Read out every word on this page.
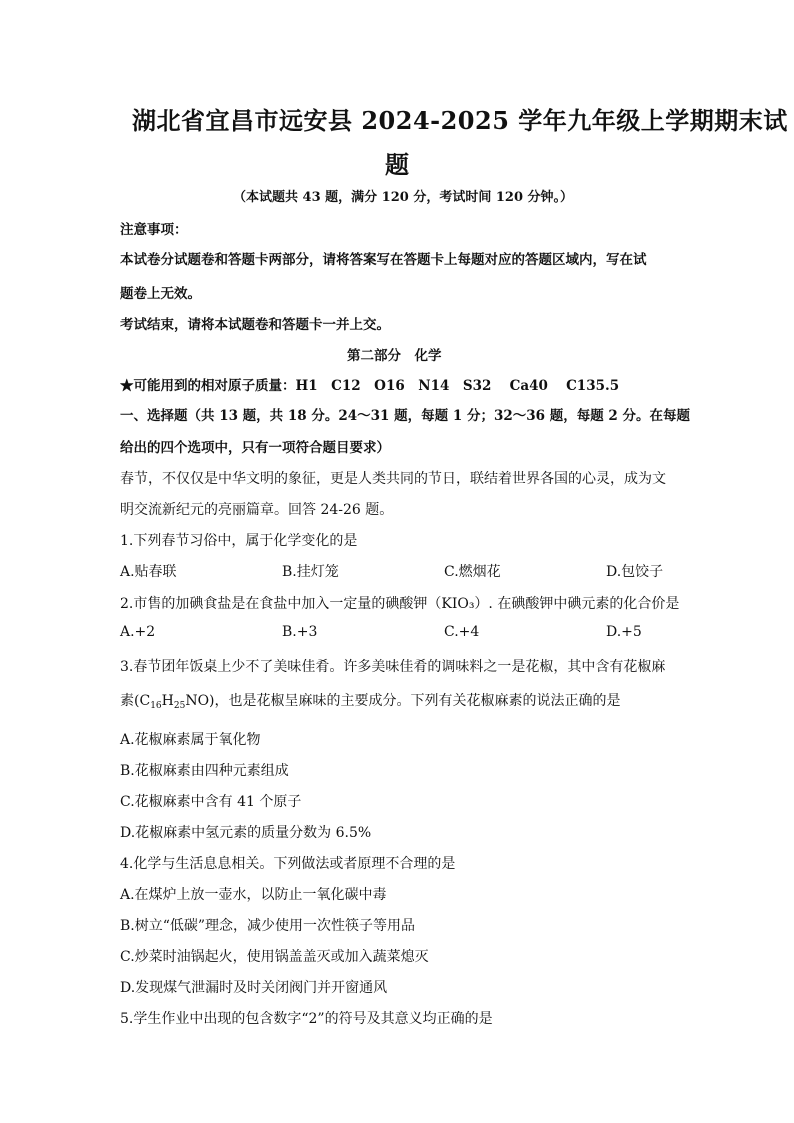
湖北省宜昌市远安县 2024-2025 学年九年级上学期期末试
题
（本试题共 43 题，满分 120 分，考试时间 120 分钟。）
注意事项：
本试卷分试题卷和答题卡两部分，请将答案写在答题卡上每题对应的答题区域内，写在试
题卷上无效。
考试结束，请将本试题卷和答题卡一并上交。
第二部分　化学
★可能用到的相对原子质量：H1　C12　O16　N14　S32　 Ca40　 C135.5
一、选择题（共 13 题，共 18 分。24～31 题，每题 1 分；32～36 题，每题 2 分。在每题
给出的四个选项中，只有一项符合题目要求）
春节，不仅仅是中华文明的象征，更是人类共同的节日，联结着世界各国的心灵，成为文
明交流新纪元的亮丽篇章。回答 24-26 题。
1.下列春节习俗中，属于化学变化的是
A.贴春联	B.挂灯笼	C.燃烟花	D.包饺子
2.市售的加碘食盐是在食盐中加入一定量的碘酸钾（KIO₃）. 在碘酸钾中碘元素的化合价是
A.+2	B.+3	C.+4	D.+5
3.春节团年饭桌上少不了美味佳肴。许多美味佳肴的调味料之一是花椒，其中含有花椒麻
素$(C_{16}H_{25}NO)$，也是花椒呈麻味的主要成分。下列有关花椒麻素的说法正确的是
A.花椒麻素属于氧化物
B.花椒麻素由四种元素组成
C.花椒麻素中含有 41 个原子
D.花椒麻素中氢元素的质量分数为 6.5%
4.化学与生活息息相关。下列做法或者原理不合理的是
A.在煤炉上放一壶水，以防止一氧化碳中毒
B.树立“低碳”理念，减少使用一次性筷子等用品
C.炒菜时油锅起火，使用锅盖盖灭或加入蔬菜熄灭
D.发现煤气泄漏时及时关闭阀门并开窗通风
5.学生作业中出现的包含数字“2”的符号及其意义均正确的是
